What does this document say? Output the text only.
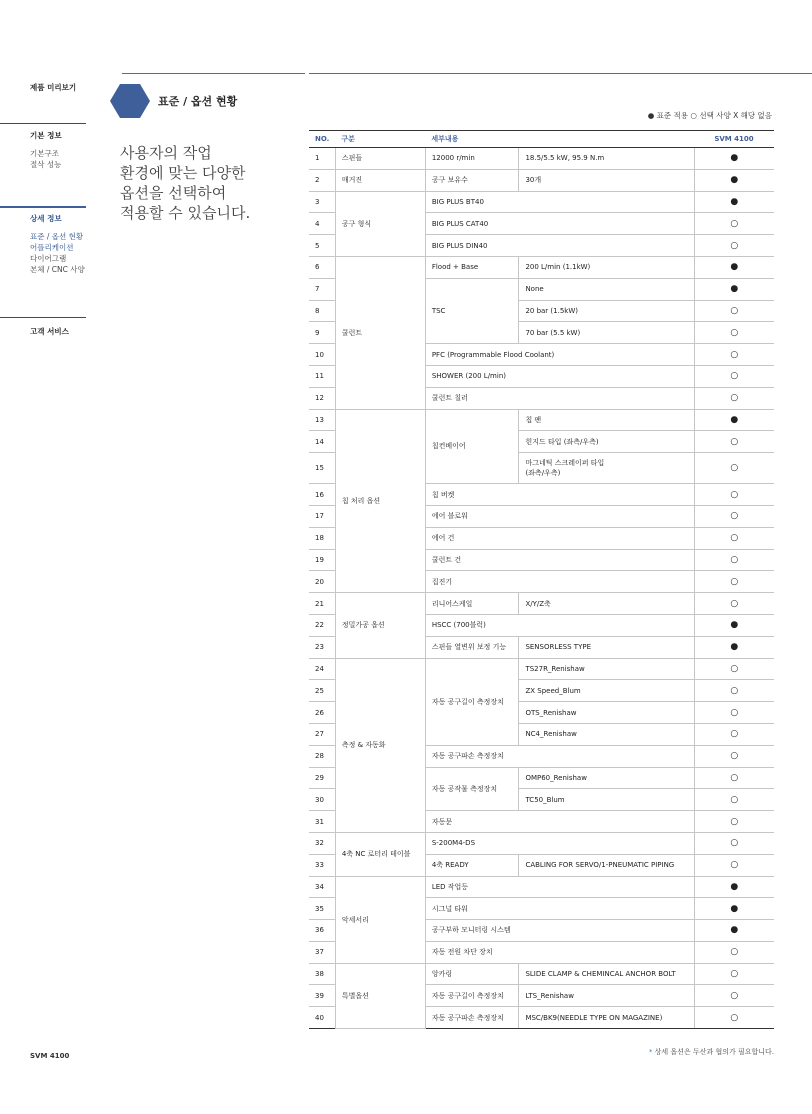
제품 미리보기
기본 정보
기본구조
절삭 성능
상세 정보
표준 / 옵션 현황
어플리케이션
다이어그램
본체 / CNC 사양
고객 서비스
SVM 4100
표준 / 옵션 현황
사용자의 작업
환경에 맞는 다양한
옵션을 선택하여
적용할 수 있습니다.
● 표준 적용 ○ 선택 사양 X 해당 없음
NO.	구분	세부내용		SVM 4100
1	스핀들	12000 r/min	18.5/5.5 kW, 95.9 N.m	●
2	매거진	공구 보유수	30개	●
3	공구 형식	BIG PLUS BT40		●
4		BIG PLUS CAT40		○
5		BIG PLUS DIN40		○
6	쿨런트	Flood + Base	200 L/min (1.1kW)	●
7		TSC	None	●
8			20 bar (1.5kW)	○
9			70 bar (5.5 kW)	○
10		PFC (Programmable Flood Coolant)		○
11		SHOWER (200 L/min)		○
12		쿨런트 칠러		○
13	칩 처리 옵션	칩컨베이어	칩 팬	●
14			힌지드 타입 (좌측/우측)	○
15			마그네틱 스크레이퍼 타입
(좌측/우측)	○
16		칩 버켓		○
17		에어 블로워		○
18		에어 건		○
19		쿨런트 건		○
20		집진기		○
21	정밀가공 옵션	리니어스케일	X/Y/Z축	○
22		HSCC (700블럭)		●
23		스핀들 열변위 보정 기능	SENSORLESS TYPE	●
24	측정 & 자동화	자동 공구길이 측정장치	TS27R_Renishaw	○
25			ZX Speed_Blum	○
26			OTS_Renishaw	○
27			NC4_Renishaw	○
28		자동 공구파손 측정장치		○
29		자동 공작물 측정장치	OMP60_Renishaw	○
30			TC50_Blum	○
31		자동문		○
32	4축 NC 로터리 테이블	S-200M4-DS		○
33		4축 READY	CABLING FOR SERVO/1-PNEUMATIC PIPING	○
34	악세서리	LED 작업등		●
35		시그널 타워		●
36		공구부하 모니터링 시스템		●
37		자동 전원 차단 장치		○
38	특별옵션	앙카링	SLIDE CLAMP & CHEMINCAL ANCHOR BOLT	○
39		자동 공구길이 측정장치	LTS_Renishaw	○
40		자동 공구파손 측정장치	MSC/BK9(NEEDLE TYPE ON MAGAZINE)	○
* 상세 옵션은 두산과 협의가 필요합니다.
